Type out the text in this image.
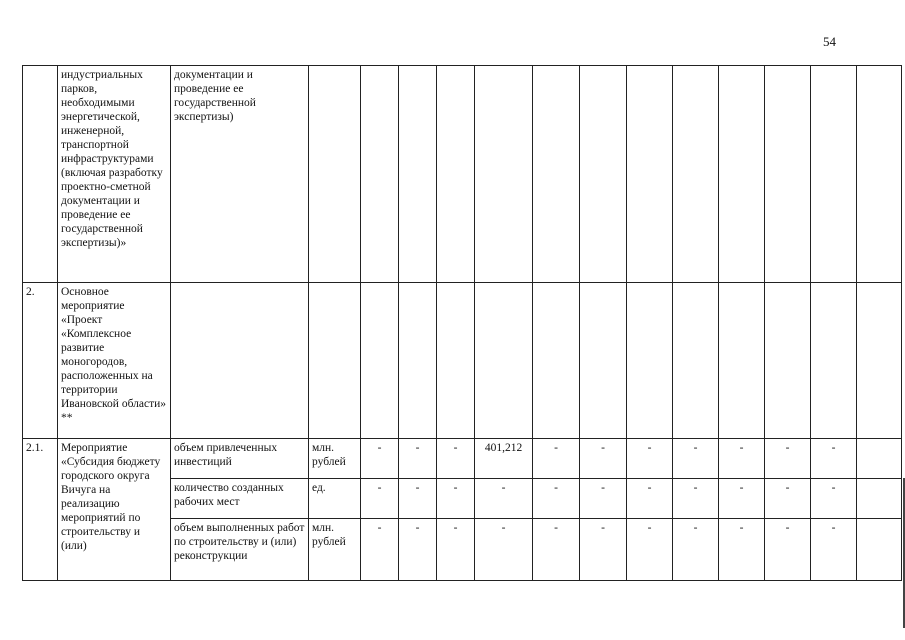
54
	индустриальных парков, необходимыми энергетической, инженерной, транспортной инфраструктурами (включая разработку проектно-сметной документации и проведение ее государственной экспертизы)»	документации и проведение ее государственной экспертизы)													
2.	Основное мероприятие «Проект «Комплексное развитие моногородов, расположенных на территории Ивановской области» **														
2.1.	Мероприятие «Субсидия бюджету городского округа Вичуга на реализацию мероприятий по строительству и (или)	объем привлеченных инвестиций	млн. рублей	-	-	-	401,212	-	-	-	-	-	-	-	
		количество созданных рабочих мест	ед.	-	-	-	-	-	-	-	-	-	-	-	
		объем выполненных работ по строительству и (или) реконструкции	млн. рублей	-	-	-	-	-	-	-	-	-	-	-	
